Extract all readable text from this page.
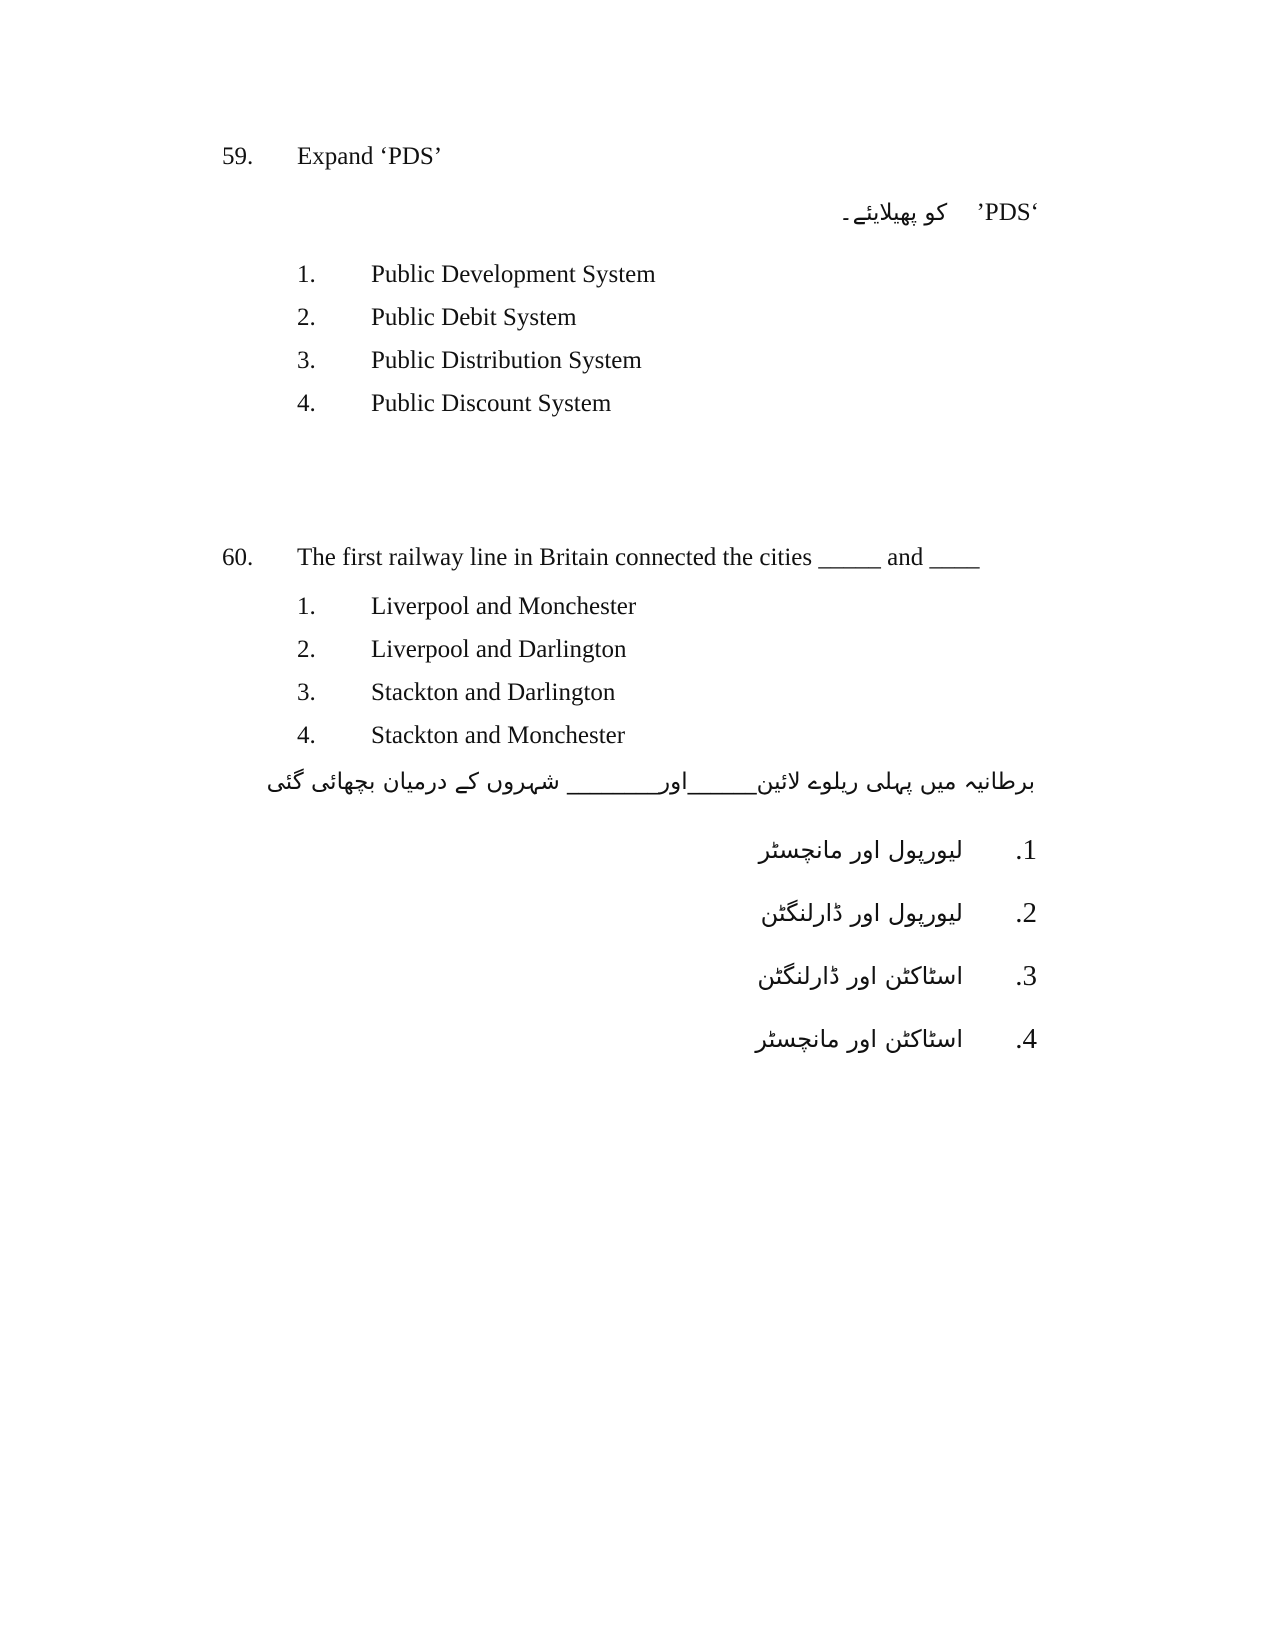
59. Expand ‘PDS’
‘PDS’    کو پھیلایئے۔
1. Public Development System
2. Public Debit System
3. Public Distribution System
4. Public Discount System
60. The first railway line in Britain connected the cities _____ and ____
1. Liverpool and Monchester
2. Liverpool and Darlington
3. Stackton and Darlington
4. Stackton and Monchester
برطانیہ میں پہلی ریلوے لائین______اور________ شہروں کے درمیان بچھائی گئی
.1
لیورپول اور مانچسٹر
.2
لیورپول اور ڈارلنگٹن
.3
اسٹاکٹن اور ڈارلنگٹن
.4
اسٹاکٹن اور مانچسٹر
